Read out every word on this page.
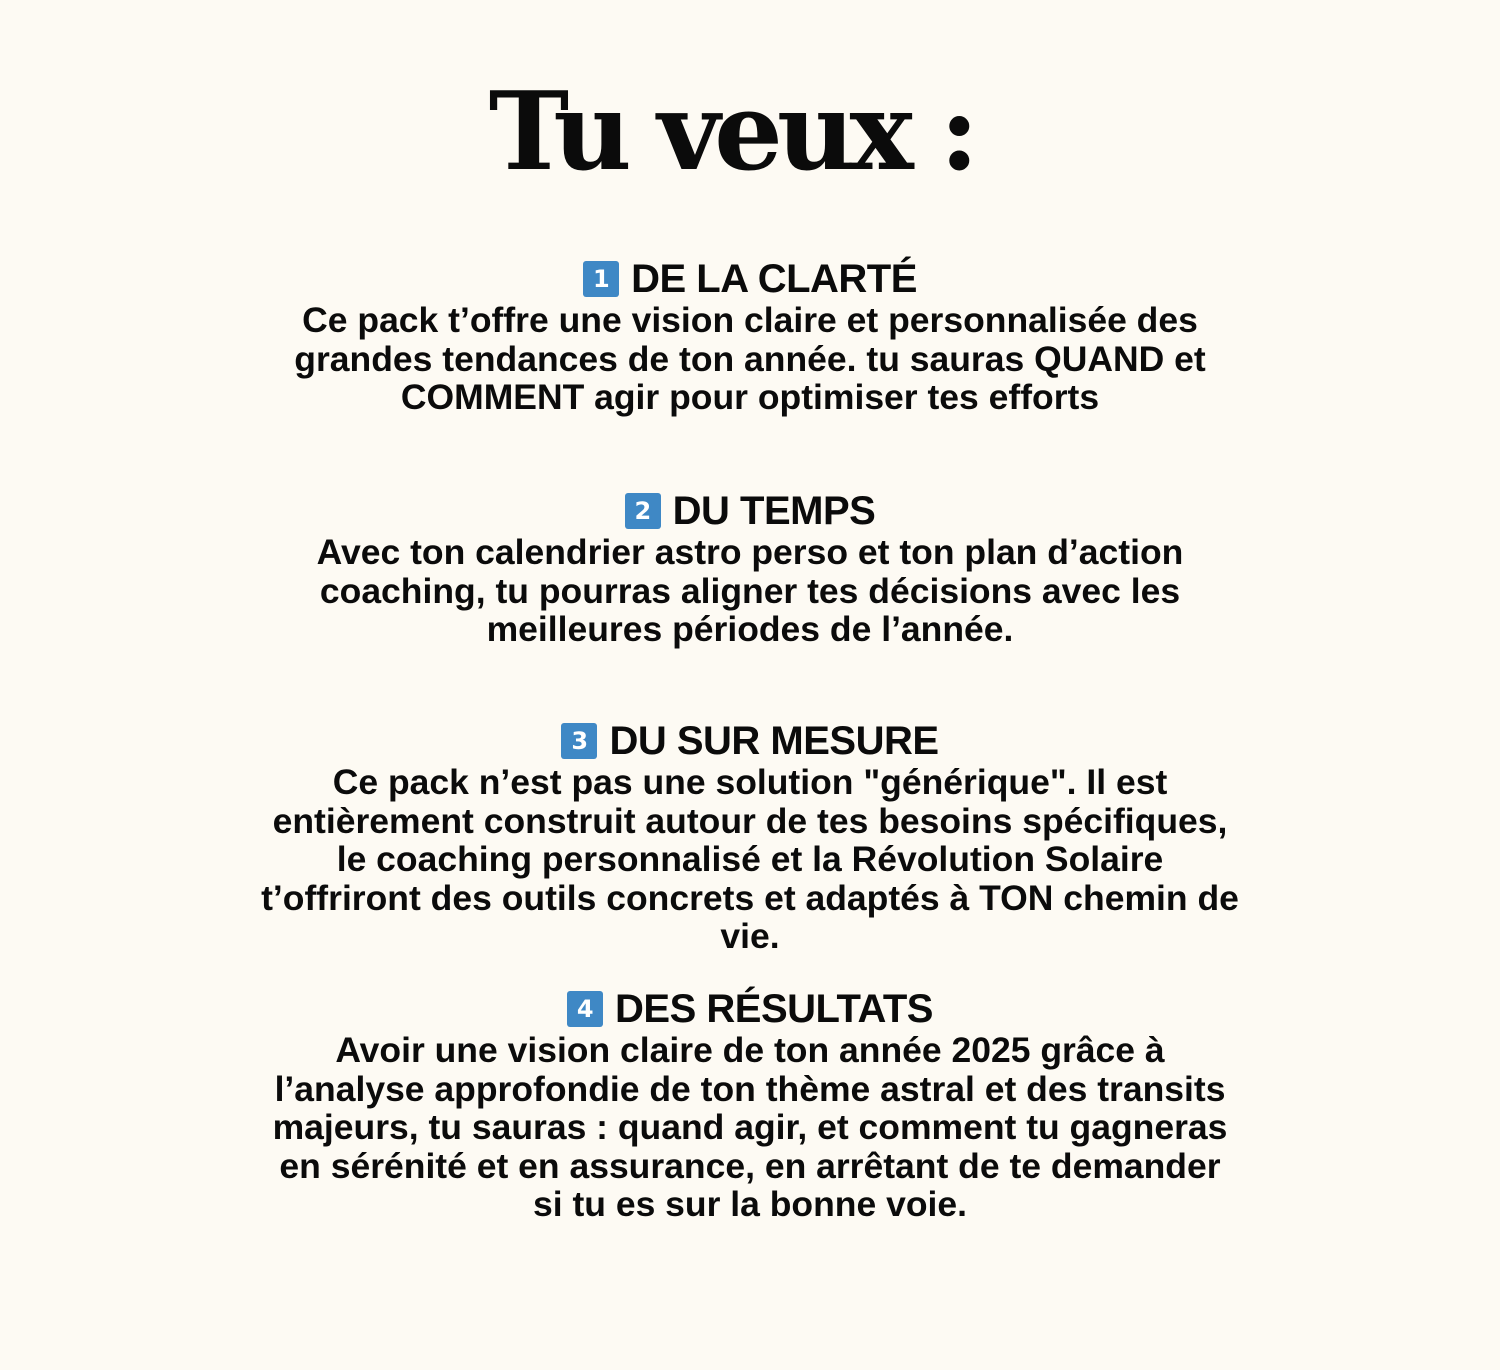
Tu veux :
1 DE LA CLARTÉ

Ce pack t’offre une vision claire et personnalisée des grandes tendances de ton année. tu sauras QUAND et COMMENT agir pour optimiser tes efforts

2 DU TEMPS

Avec ton calendrier astro perso et ton plan d’action coaching, tu pourras aligner tes décisions avec les meilleures périodes de l’année.

3 DU SUR MESURE

Ce pack n’est pas une solution "générique". Il est entièrement construit autour de tes besoins spécifiques, le coaching personnalisé et la Révolution Solaire t’offriront des outils concrets et adaptés à TON chemin de vie.

4 DES RÉSULTATS

Avoir une vision claire de ton année 2025 grâce à l’analyse approfondie de ton thème astral et des transits majeurs, tu sauras : quand agir, et comment tu gagneras en sérénité et en assurance, en arrêtant de te demander si tu es sur la bonne voie.
